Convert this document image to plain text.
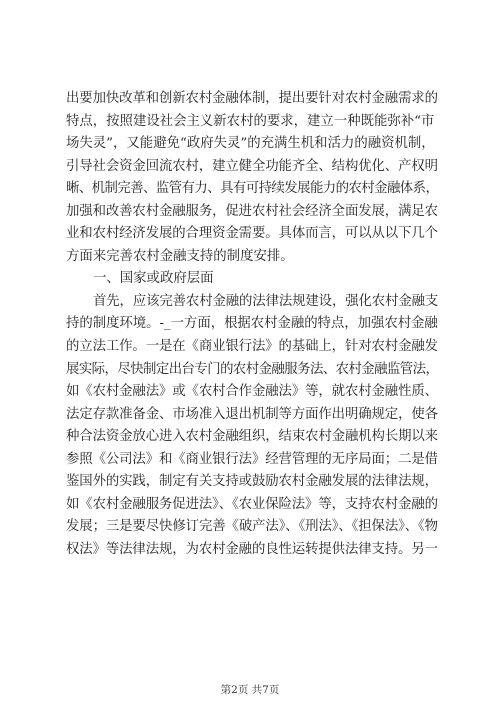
出要加快改革和创新农村金融体制，提出要针对农村金融需求的
特点，按照建设社会主义新农村的要求，建立一种既能弥补“市
场失灵”，又能避免“政府失灵”的充满生机和活力的融资机制，
引导社会资金回流农村，建立健全功能齐全、结构优化、产权明
晰、机制完善、监管有力、具有可持续发展能力的农村金融体系，
加强和改善农村金融服务，促进农村社会经济全面发展，满足农
业和农村经济发展的合理资金需要。具体而言，可以从以下几个
方面来完善农村金融支持的制度安排。
一、国家或政府层面
首先，应该完善农村金融的法律法规建设，强化农村金融支
持的制度环境。-_一方面，根据农村金融的特点，加强农村金融
的立法工作。一是在《商业银行法》的基础上，针对农村金融发
展实际，尽快制定出台专门的农村金融服务法、农村金融监管法，
如《农村金融法》或《农村合作金融法》等，就农村金融性质、
法定存款准备金、市场准入退出机制等方面作出明确规定，使各
种合法资金放心进入农村金融组织，结束农村金融机构长期以来
参照《公司法》和《商业银行法》经营管理的无序局面；二是借
鉴国外的实践，制定有关支持或鼓励农村金融发展的法律法规，
如《农村金融服务促进法》、《农业保险法》等，支持农村金融的
发展；三是要尽快修订完善《破产法》、《刑法》、《担保法》、《物
权法》等法律法规，为农村金融的良性运转提供法律支持。另一
第2页 共7页
